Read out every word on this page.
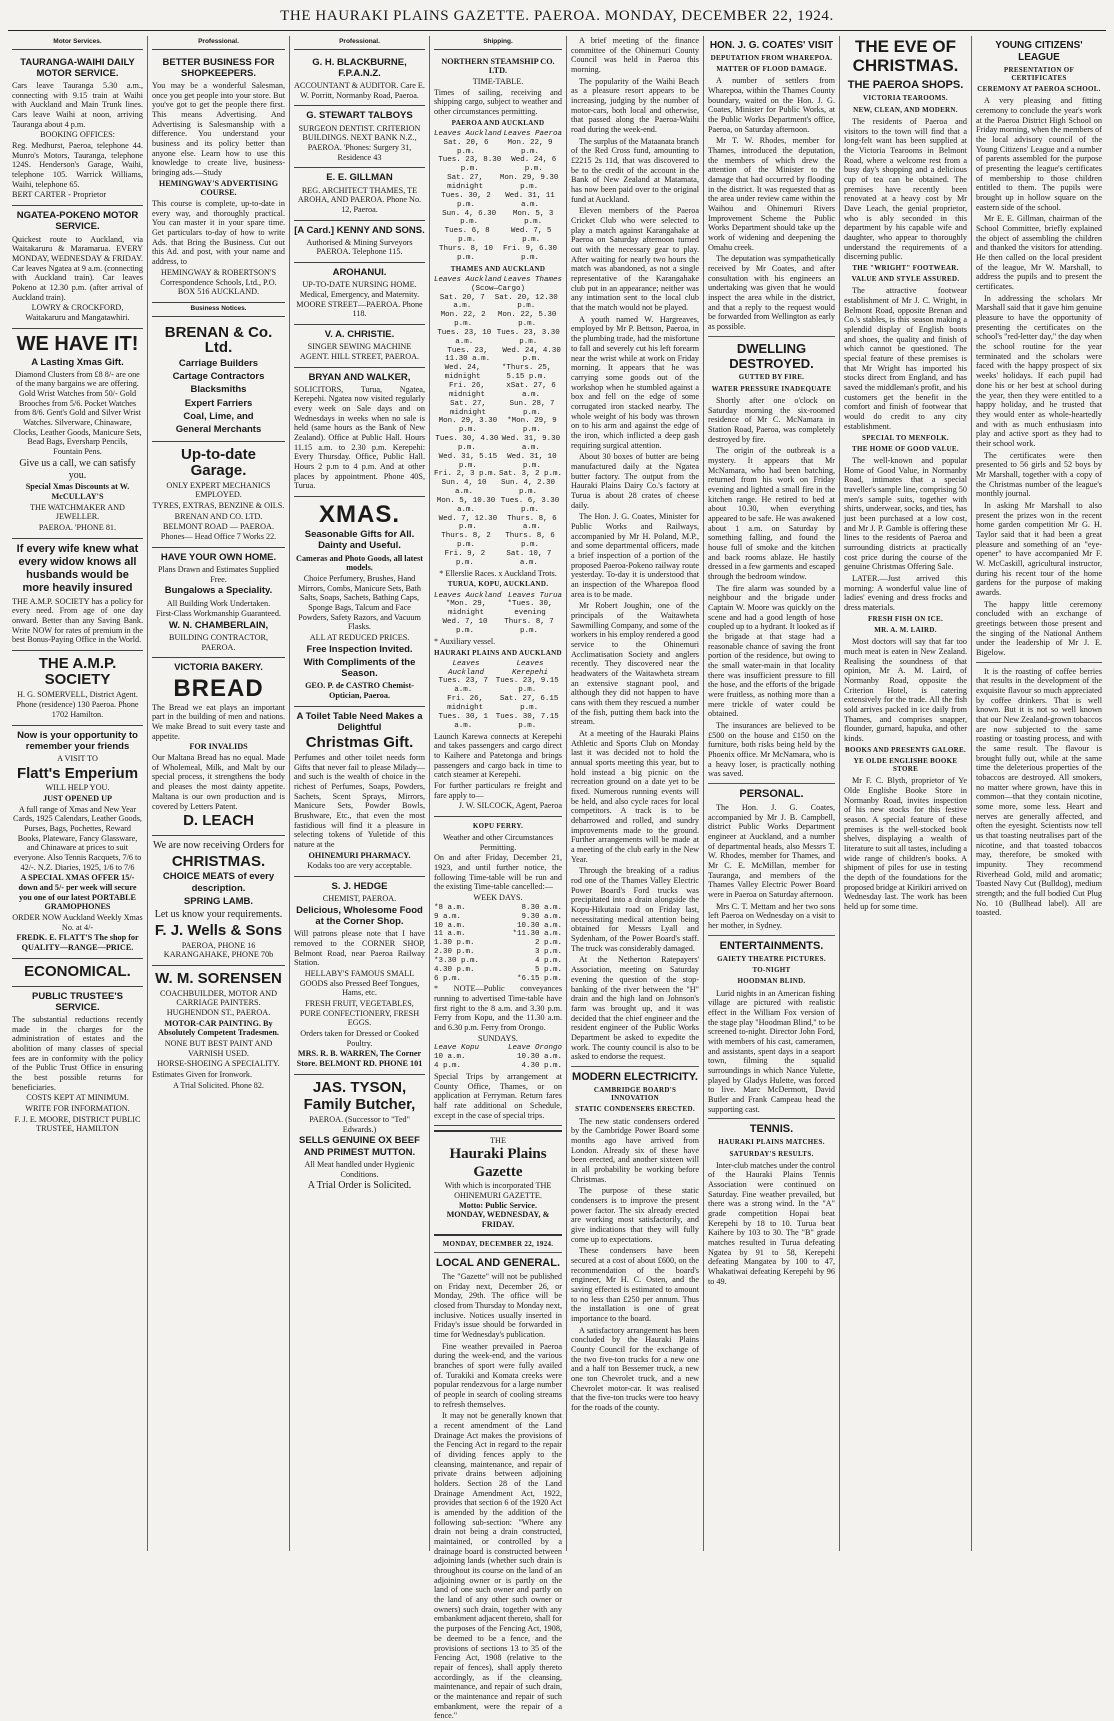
THE HAURAKI PLAINS GAZETTE. PAEROA. MONDAY, DECEMBER 22, 1924.
Motor Services.
TAURANGA-WAIHI DAILY MOTOR SERVICE.

Cars leave Tauranga 5.30 a.m., connecting with 9.15 train at Waihi with Auckland and Main Trunk lines. Cars leave Waihi at noon, arriving Tauranga about 4 p.m.

BOOKING OFFICES:

Reg. Medhurst, Paeroa, telephone 44. Munro's Motors, Tauranga, telephone 124S. Henderson's Garage, Waihi, telephone 105. Warrick Williams, Waihi, telephone 65.

BERT CARTER - Proprietor

NGATEA-POKENO MOTOR SERVICE.

Quickest route to Auckland, via Waitakaruru & Maramarua. EVERY MONDAY, WEDNESDAY & FRIDAY. Car leaves Ngatea at 9 a.m. (connecting with Auckland train). Car leaves Pokeno at 12.30 p.m. (after arrival of Auckland train).

LOWRY & CROCKFORD, Waitakaruru and Mangatawhiri.

WE HAVE IT!
A Lasting Xmas Gift.

Diamond Clusters from £8 8/- are one of the many bargains we are offering. Gold Wrist Watches from 50/- Gold Brooches from 5/6. Pocket Watches from 8/6. Gent's Gold and Silver Wrist Watches. Silverware, Chinaware, Clocks, Leather Goods, Manicure Sets, Bead Bags, Eversharp Pencils, Fountain Pens.

Give us a call, we can satisfy you.

Special Xmas Discounts at W. McCULLAY'S

THE WATCHMAKER AND JEWELLER.

PAEROA. 'PHONE 81.

If every wife knew what every widow knows all husbands would be more heavily insured

THE A.M.P. SOCIETY has a policy for every need. From age of one day onward. Better than any Saving Bank. Write NOW for rates of premium in the best Bonus-Paying Office in the World.

THE A.M.P. SOCIETY

H. G. SOMERVELL, District Agent.

Phone (residence) 130 Paeroa. Phone 1702 Hamilton.

Now is your opportunity to remember your friends

A VISIT TO

Flatt's Emperium

WILL HELP YOU.

JUST OPENED UP

A full range of Xmas and New Year Cards, 1925 Calendars, Leather Goods, Purses, Bags, Pochettes, Reward Books, Plateware, Fancy Glassware, and Chinaware at prices to suit everyone. Also Tennis Racquets, 7/6 to 42/-. N.Z. Diaries, 1925, 1/6 to 7/6

A SPECIAL XMAS OFFER 15/- down and 5/- per week will secure you one of our latest PORTABLE GRAMOPHONES

ORDER NOW Auckland Weekly Xmas No. at 4/-

FREDK. E. FLATT'S The shop for QUALITY—RANGE—PRICE.

ECONOMICAL.
PUBLIC TRUSTEE'S SERVICE.

The substantial reductions recently made in the charges for the administration of estates and the abolition of many classes of special fees are in conformity with the policy of the Public Trust Office in ensuring the best possible returns for beneficiaries.

COSTS KEPT AT MINIMUM.

WRITE FOR INFORMATION.

F. J. E. MOORE, DISTRICT PUBLIC TRUSTEE, HAMILTON

Professional.
BETTER BUSINESS FOR SHOPKEEPERS.

You may be a wonderful Salesman, once you get people into your store. But you've got to get the people there first. This means Advertising. And Advertising is Salesmanship with a difference. You understand your business and its policy better than anyone else. Learn how to use this knowledge to create live, business-bringing ads.—Study

HEMINGWAY'S ADVERTISING COURSE.

This course is complete, up-to-date in every way, and thoroughly practical. You can master it in your spare time. Get particulars to-day of how to write Ads. that Bring the Business. Cut out this Ad. and post, with your name and address, to

HEMINGWAY & ROBERTSON'S Correspondence Schools, Ltd., P.O. BOX 516 AUCKLAND.

Business Notices.
BRENAN & Co. Ltd.
Carriage Builders
Cartage Contractors
Blacksmiths
Expert Farriers
Coal, Lime, and
General Merchants
Up-to-date Garage.

ONLY EXPERT MECHANICS EMPLOYED.

TYRES, EXTRAS, BENZINE & OILS.

BRENAN AND CO. LTD.

BELMONT ROAD — PAEROA. Phones— Head Office 7 Works 22.

HAVE YOUR OWN HOME.

Plans Drawn and Estimates Supplied Free.

Bungalows a Speciality.

All Building Work Undertaken.

First-Class Workmanship Guaranteed.

W. N. CHAMBERLAIN,

BUILDING CONTRACTOR, PAEROA.

VICTORIA BAKERY.
BREAD

The Bread we eat plays an important part in the building of men and nations. We make Bread to suit every taste and appetite.

FOR INVALIDS

Our Maltana Bread has no equal. Made of Wholemeal, Milk, and Malt by our special process, it strengthens the body and pleases the most dainty appetite. Maltana is our own production and is covered by Letters Patent.

D. LEACH

We are now receiving Orders for

CHRISTMAS.
CHOICE MEATS of every description.
SPRING LAMB.

Let us know your requirements.

F. J. Wells & Sons

PAEROA, PHONE 16 KARANGAHAKE, PHONE 70b

W. M. SORENSEN

COACHBUILDER, MOTOR AND CARRIAGE PAINTERS. HUGHENDON ST., PAEROA.

MOTOR-CAR PAINTING. By Absolutely Competent Tradesmen.

NONE BUT BEST PAINT AND VARNISH USED.

HORSE-SHOEING A SPECIALITY.

Estimates Given for Ironwork.

A Trial Solicited. Phone 82.

Professional.
G. H. BLACKBURNE, F.P.A.N.Z.

ACCOUNTANT & AUDITOR. Care E. W. Porritt, Normanby Road, Paeroa.

G. STEWART TALBOYS

SURGEON DENTIST. CRITERION BUILDINGS. NEXT BANK N.Z., PAEROA. 'Phones: Surgery 31, Residence 43

E. E. GILLMAN

REG. ARCHITECT THAMES, TE AROHA, AND PAEROA. Phone No. 12, Paeroa.

[A Card.] KENNY AND SONS.

Authorised & Mining Surveyors PAEROA. Telephone 115.

AROHANUI.

UP-TO-DATE NURSING HOME. Medical, Emergency, and Maternity. MOORE STREET—PAEROA. Phone 118.

V. A. CHRISTIE.

SINGER SEWING MACHINE AGENT. HILL STREET, PAEROA.

BRYAN AND WALKER,

SOLICITORS, Turua, Ngatea, Kerepehi. Ngatea now visited regularly every week on Sale days and on Wednesdays in weeks when no sale is held (same hours as the Bank of New Zealand). Office at Public Hall. Hours 11.15 a.m. to 2.30 p.m. Kerepehi: Every Thursday. Office, Public Hall. Hours 2 p.m to 4 p.m. And at other places by appointment. Phone 40S, Turua.

XMAS.
Seasonable Gifts for All. Dainty and Useful.

Cameras and Photo Goods, all latest models.

Choice Perfumery, Brushes, Hand Mirrors, Combs, Manicure Sets, Bath Salts, Soaps, Sachets, Bathing Caps, Sponge Bags, Talcum and Face Powders, Safety Razors, and Vacuum Flasks.

ALL AT REDUCED PRICES.

Free Inspection Invited.
With Compliments of the Season.

GEO. P. de CASTRO Chemist-Optician, Paeroa.

A Toilet Table Need Makes a Delightful
Christmas Gift.

Perfumes and other toilet needs form Gifts that never fail to please Milady—and such is the wealth of choice in the richest of Perfumes, Soaps, Powders, Sachets, Scent Sprays, Mirrors, Manicure Sets, Powder Bowls, Brushware, Etc., that even the most fastidious will find it a pleasure in selecting tokens of Yuletide of this nature at the

OHINEMURI PHARMACY.

Kodaks too are very acceptable.

S. J. HEDGE

CHEMIST, PAEROA.

Delicious, Wholesome Food at the Corner Shop.

Will patrons please note that I have removed to the CORNER SHOP, Belmont Road, near Paeroa Railway Station.

HELLABY'S FAMOUS SMALL GOODS also Pressed Beef Tongues, Hams, etc.

FRESH FRUIT, VEGETABLES, PURE CONFECTIONERY, FRESH EGGS.

Orders taken for Dressed or Cooked Poultry.

MRS. R. B. WARREN, The Corner Store. BELMONT RD. PHONE 101

JAS. TYSON,
Family Butcher,

PAEROA. (Successor to "Ted" Edwards.)

SELLS GENUINE OX BEEF AND PRIMEST MUTTON.

All Meat handled under Hygienic Conditions.

A Trial Order is Solicited.

Shipping.

NORTHERN STEAMSHIP CO. LTD.

TIME-TABLE.

Times of sailing, receiving and shipping cargo, subject to weather and other circumstances permitting.

PAEROA AND AUCKLAND
Leaves Auckland Leaves Paeroa
Sat. 20, 6 p.m.
Mon. 22, 9 p.m.
Tues. 23, 8.30 p.m.
Wed. 24, 6 p.m.
Sat. 27, midnight
Mon. 29, 9.30 p.m.
Tues. 30, 2 p.m.
Wed. 31, 11 a.m.
Sun. 4, 6.30 p.m.
Mon. 5, 3 p.m.
Tues. 6, 8 p.m.
Wed. 7, 5 p.m.
Thurs. 8, 10 p.m.
Fri. 9, 6.30 p.m.
THAMES AND AUCKLAND
Leaves Auckland Leaves Thames
(Scow—Cargo)
Sat. 20, 7 a.m.
Sat. 20, 12.30 p.m.
Mon. 22, 2 p.m.
Mon. 22, 5.30 p.m.
Tues. 23, 10 a.m.
Tues. 23, 3.30 p.m.
Tues. 23, 11.30 a.m.
Wed. 24, 4.30 p.m.
Wed. 24, midnight
*Thurs. 25, 5.15 p.m.
Fri. 26, midnight
xSat. 27, 6 a.m.
Sat. 27, midnight
Sun. 28, 7 p.m.
Mon. 29, 3.30 p.m.
*Mon. 29, 9 p.m.
Tues. 30, 4.30 p.m.
Wed. 31, 9.30 a.m.
Wed. 31, 5.15 p.m.
Wed. 31, 10 p.m.
Fri. 2, 3 p.m. Sat. 3, 2 p.m.
Sun. 4, 10 a.m.
Sun. 4, 2.30 p.m.
Mon. 5, 10.30 a.m.
Tues. 6, 3.30 p.m.
Wed. 7, 12.30 p.m.
Thurs. 8, 6 a.m.
Thurs. 8, 2 p.m.
Thurs. 8, 6 p.m.
Fri. 9, 2 p.m.
Sat. 10, 7 a.m.

* Ellerslie Races. x Auckland Trots.

TURUA, KOPU, AUCKLAND.
Leaves Auckland Leaves Turua
*Mon. 29, midnight
*Tues. 30, evening
Wed. 7, 10 p.m.
Thurs. 8, 7 p.m.

* Auxiliary vessel.

HAURAKI PLAINS AND AUCKLAND
Leaves Auckland
Leaves Kerepehi
Tues. 23, 7 a.m.
Tues. 23, 9.15 p.m.
Fri. 26, midnight
Sat. 27, 6.15 p.m.
Tues. 30, 1 a.m.
Tues. 30, 7.15 p.m.

Launch Karewa connects at Kerepehi and takes passengers and cargo direct to Kaihere and Patetonga and brings passengers and cargo back in time to catch steamer at Kerepehi.

For further particulars re freight and fare apply to—

J. W. SILCOCK, Agent, Paeroa

KOPU FERRY.

Weather and other Circumstances Permitting.

On and after Friday, December 21, 1923, and until further notice, the following Time-table will be run and the existing Time-table cancelled:—

WEEK DAYS.

*8 a.m.	8.30 a.m.
9 a.m.	9.30 a.m.
10 a.m.	10.30 a.m.
11 a.m.	*11.30 a.m.
1.30 p.m.	2 p.m.
2.30 p.m.	3 p.m.
*3.30 p.m.	4 p.m.
4.30 p.m.	5 p.m.
6 p.m.	*6.15 p.m.

* NOTE—Public conveyances running to advertised Time-table have first right to the 8 a.m. and 3.30 p.m. Ferry from Kopu, and the 11.30 a.m. and 6.30 p.m. Ferry from Orongo.

SUNDAYS.

Leave Kopu	Leave Orongo
10 a.m.	10.30 a.m.
4 p.m.	4.30 p.m.

Special Trips by arrangement at County Office, Thames, or on application at Ferryman. Return fares half rate additional on Schedule, except in the case of special trips.

THE
Hauraki Plains Gazette
With which is incorporated THE OHINEMURI GAZETTE.
Motto: Public Service.
MONDAY, WEDNESDAY, & FRIDAY.
MONDAY, DECEMBER 22, 1924.
LOCAL AND GENERAL.

The "Gazette" will not be published on Friday next, December 26, or Monday, 29th. The office will be closed from Thursday to Monday next, inclusive. Notices usually inserted in Friday's issue should be forwarded in time for Wednesday's publication.

Fine weather prevailed in Paeroa during the week-end, and the various branches of sport were fully availed of. Turakiki and Komata creeks were popular rendezvous for a large number of people in search of cooling streams to refresh themselves.

It may not be generally known that a recent amendment of the Land Drainage Act makes the provisions of the Fencing Act in regard to the repair of dividing fences apply to the cleansing, maintenance, and repair of private drains between adjoining holders. Section 28 of the Land Drainage Amendment Act, 1922, provides that section 6 of the 1920 Act is amended by the addition of the following sub-section: "Where any drain not being a drain constructed, maintained, or controlled by a drainage board is constructed between adjoining lands (whether such drain is throughout its course on the land of an adjoining owner or is partly on the land of one such owner and partly on the land of any other such owner or owners) such drain, together with any embankment adjacent thereto, shall for the purposes of the Fencing Act, 1908, be deemed to be a fence, and the provisions of sections 13 to 35 of the Fencing Act, 1908 (relative to the repair of fences), shall apply thereto accordingly, as if the cleansing, maintenance, and repair of such drain, or the maintenance and repair of such embankment, were the repair of a fence."

A brief meeting of the finance committee of the Ohinemuri County Council was held in Paeroa this morning.

The popularity of the Waihi Beach as a pleasure resort appears to be increasing, judging by the number of motor-cars, both local and otherwise, that passed along the Paeroa-Waihi road during the week-end.

The surplus of the Mataanata branch of the Red Cross fund, amounting to £2215 2s 11d, that was discovered to be to the credit of the account in the Bank of New Zealand at Matamata, has now been paid over to the original fund at Auckland.

Eleven members of the Paeroa Cricket Club who were selected to play a match against Karangahake at Paeroa on Saturday afternoon turned out with the necessary gear to play. After waiting for nearly two hours the match was abandoned, as not a single representative of the Karangahake club put in an appearance; neither was any intimation sent to the local club that the match would not be played.

A youth named W. Hargreaves, employed by Mr P. Bettson, Paeroa, in the plumbing trade, had the misfortune to fall and severely cut his left forearm near the wrist while at work on Friday morning. It appears that he was carrying some goods out of the workshop when he stumbled against a box and fell on the edge of some corrugated iron stacked nearby. The whole weight of his body was thrown on to his arm and against the edge of the iron, which inflicted a deep gash requiring surgical attention.

About 30 boxes of butter are being manufactured daily at the Ngatea butter factory. The output from the Hauraki Plains Dairy Co.'s factory at Turua is about 28 crates of cheese daily.

The Hon. J. G. Coates, Minister for Public Works and Railways, accompanied by Mr H. Poland, M.P., and some departmental officers, made a brief inspection of a portion of the proposed Paeroa-Pokeno railway route yesterday. To-day it is understood that an inspection of the Wharepoa flood area is to be made.

Mr Robert Joughin, one of the principals of the Waitawheta Sawmilling Company, and some of the workers in his employ rendered a good service to the Ohinemuri Acclimatisation Society and anglers recently. They discovered near the headwaters of the Waitawheta stream an extensive stagnant pool, and although they did not happen to have cans with them they rescued a number of the fish, putting them back into the stream.

At a meeting of the Hauraki Plains Athletic and Sports Club on Monday last it was decided not to hold the annual sports meeting this year, but to hold instead a big picnic on the recreation ground on a date yet to be fixed. Numerous running events will be held, and also cycle races for local competitors. A track is to be deharrowed and rolled, and sundry improvements made to the ground. Further arrangements will be made at a meeting of the club early in the New Year.

Through the breaking of a radius rod one of the Thames Valley Electric Power Board's Ford trucks was precipitated into a drain alongside the Kopu-Hikutaia road on Friday last, necessitating medical attention being obtained for Messrs Lyall and Sydenham, of the Power Board's staff. The truck was considerably damaged.

At the Netherton Ratepayers' Association, meeting on Saturday evening the question of the stop-banking of the river between the "H" drain and the high land on Johnson's farm was brought up, and it was decided that the chief engineer and the resident engineer of the Public Works Department be asked to expedite the work. The county council is also to be asked to endorse the request.

MODERN ELECTRICITY.
CAMBRIDGE BOARD'S INNOVATION
STATIC CONDENSERS ERECTED.

The new static condensers ordered by the Cambridge Power Board some months ago have arrived from London. Already six of these have been erected, and another sixteen will in all probability be working before Christmas.

The purpose of these static condensers is to improve the present power factor. The six already erected are working most satisfactorily, and give indications that they will fully come up to expectations.

These condensers have been secured at a cost of about £600, on the recommendation of the board's engineer, Mr H. C. Osten, and the saving effected is estimated to amount to no less than £250 per annum. Thus the installation is one of great importance to the board.

A satisfactory arrangement has been concluded by the Hauraki Plains County Council for the exchange of the two five-ton trucks for a new one and a half ton Bessemer truck, a new one ton Chevrolet truck, and a new Chevrolet motor-car. It was realised that the five-ton trucks were too heavy for the roads of the county.

HON. J. G. COATES' VISIT
DEPUTATION FROM WHAREPOA.
MATTER OF FLOOD DAMAGE.

A number of settlers from Wharepoa, within the Thames County boundary, waited on the Hon. J. G. Coates, Minister for Public Works, at the Public Works Department's office, Paeroa, on Saturday afternoon.

Mr T. W. Rhodes, member for Thames, introduced the deputation, the members of which drew the attention of the Minister to the damage that had occurred by flooding in the district. It was requested that as the area under review came within the Waihou and Ohinemuri Rivers Improvement Scheme the Public Works Department should take up the work of widening and deepening the Omahu creek.

The deputation was sympathetically received by Mr Coates, and after consultation with his engineers an undertaking was given that he would inspect the area while in the district, and that a reply to the request would be forwarded from Wellington as early as possible.

DWELLING DESTROYED.
GUTTED BY FIRE.
WATER PRESSURE INADEQUATE

Shortly after one o'clock on Saturday morning the six-roomed residence of Mr C. McNamara in Station Road, Paeroa, was completely destroyed by fire.

The origin of the outbreak is a mystery. It appears that Mr McNamara, who had been batching, returned from his work on Friday evening and lighted a small fire in the kitchen range. He retired to bed at about 10.30, when everything appeared to be safe. He was awakened about 1 a.m. on Saturday by something falling, and found the house full of smoke and the kitchen and back rooms ablaze. He hastily dressed in a few garments and escaped through the bedroom window.

The fire alarm was sounded by a neighbour and the brigade under Captain W. Moore was quickly on the scene and had a good length of hose coupled up to a hydrant. It looked as if the brigade at that stage had a reasonable chance of saving the front portion of the residence, but owing to the small water-main in that locality there was insufficient pressure to fill the hose, and the efforts of the brigade were fruitless, as nothing more than a mere trickle of water could be obtained.

The insurances are believed to be £500 on the house and £150 on the furniture, both risks being held by the Phoenix office. Mr McNamara, who is a heavy loser, is practically nothing was saved.

PERSONAL.

The Hon. J. G. Coates, accompanied by Mr J. B. Campbell, district Public Works Department engineer at Auckland, and a number of departmental heads, also Messrs T. W. Rhodes, member for Thames, and Mr C. E. McMillan, member for Tauranga, and members of the Thames Valley Electric Power Board were in Paeroa on Saturday afternoon.

Mrs C. T. Mettam and her two sons left Paeroa on Wednesday on a visit to her mother, in Sydney.

ENTERTAINMENTS.
GAIETY THEATRE PICTURES.
TO-NIGHT
HOODMAN BLIND.

Lurid nights in an American fishing village are pictured with realistic effect in the William Fox version of the stage play "Hoodman Blind," to be screened to-night. Director John Ford, with members of his cast, cameramen, and assistants, spent days in a seaport town, filming the squalid surroundings in which Nance Yulette, played by Gladys Hulette, was forced to live. Marc McDermott, David Butler and Frank Campeau head the supporting cast.

TENNIS.
HAURAKI PLAINS MATCHES.
SATURDAY'S RESULTS.

Inter-club matches under the control of the Hauraki Plains Tennis Association were continued on Saturday. Fine weather prevailed, but there was a strong wind. In the "A" grade competition Hopai beat Kerepehi by 18 to 10. Turua beat Kaihere by 103 to 30. The "B" grade matches resulted in Turua defeating Ngatea by 91 to 58, Kerepehi defeating Mangatea by 100 to 47, Whakatiwai defeating Kerepehi by 96 to 49.

THE EVE OF CHRISTMAS.
THE PAEROA SHOPS.
VICTORIA TEAROOMS.
NEW, CLEAN, AND MODERN.

The residents of Paeroa and visitors to the town will find that a long-felt want has been supplied at the Victoria Tearooms in Belmont Road, where a welcome rest from a busy day's shopping and a delicious cup of tea can be obtained. The premises have recently been renovated at a heavy cost by Mr Dave Leach, the genial proprietor, who is ably seconded in this department by his capable wife and daughter, who appear to thoroughly understand the requirements of a discerning public.

THE "WRIGHT" FOOTWEAR.
VALUE AND STYLE ASSURED.

The attractive footwear establishment of Mr J. C. Wright, in Belmont Road, opposite Brenan and Co.'s stables, is this season making a splendid display of English boots and shoes, the quality and finish of which cannot be questioned. The special feature of these premises is that Mr Wright has imported his stocks direct from England, and has saved the middleman's profit, and his customers get the benefit in the comfort and finish of footwear that would do credit to any city establishment.

SPECIAL TO MENFOLK.
THE HOME OF GOOD VALUE.

The well-known and popular Home of Good Value, in Normanby Road, intimates that a special traveller's sample line, comprising 50 men's sample suits, together with shirts, underwear, socks, and ties, has just been purchased at a low cost, and Mr J. P. Gamble is offering these lines to the residents of Paeroa and surrounding districts at practically cost price during the course of the genuine Christmas Offering Sale.

LATER.—Just arrived this morning: A wonderful value line of ladies' evening and dress frocks and dress materials.

FRESH FISH ON ICE.
MR. A. M. LAIRD.

Most doctors will say that far too much meat is eaten in New Zealand. Realising the soundness of that opinion, Mr A. M. Laird, of Normanby Road, opposite the Criterion Hotel, is catering extensively for the trade. All the fish sold arrives packed in ice daily from Thames, and comprises snapper, flounder, gurnard, hapuka, and other kinds.

BOOKS AND PRESENTS GALORE.
YE OLDE ENGLISHE BOOKE STORE

Mr F. C. Blyth, proprietor of Ye Olde Englishe Booke Store in Normanby Road, invites inspection of his new stocks for this festive season. A special feature of these premises is the well-stocked book shelves, displaying a wealth of literature to suit all tastes, including a wide range of children's books. A shipment of piles for use in testing the depth of the foundations for the proposed bridge at Kirikiri arrived on Wednesday last. The work has been held up for some time.

YOUNG CITIZENS' LEAGUE
PRESENTATION OF CERTIFICATES
CEREMONY AT PAEROA SCHOOL.

A very pleasing and fitting ceremony to conclude the year's work at the Paeroa District High School on Friday morning, when the members of the local advisory council of the Young Citizens' League and a number of parents assembled for the purpose of presenting the league's certificates of membership to those children entitled to them. The pupils were brought up in hollow square on the eastern side of the school.

Mr E. E. Gillman, chairman of the School Committee, briefly explained the object of assembling the children and thanked the visitors for attending. He then called on the local president of the league, Mr W. Marshall, to address the pupils and to present the certificates.

In addressing the scholars Mr Marshall said that it gave him genuine pleasure to have the opportunity of presenting the certificates on the school's "red-letter day," the day when the school routine for the year terminated and the scholars were faced with the happy prospect of six weeks' holidays. If each pupil had done his or her best at school during the year, then they were entitled to a happy holiday, and he trusted that they would enter as whole-heartedly and with as much enthusiasm into play and active sport as they had to their school work.

The certificates were then presented to 56 girls and 52 boys by Mr Marshall, together with a copy of the Christmas number of the league's monthly journal.

In asking Mr Marshall to also present the prizes won in the recent home garden competition Mr G. H. Taylor said that it had been a great pleasure and something of an "eye-opener" to have accompanied Mr F. W. McCaskill, agricultural instructor, during his recent tour of the home gardens for the purpose of making awards.

The happy little ceremony concluded with an exchange of greetings between those present and the singing of the National Anthem under the leadership of Mr J. E. Bigelow.

It is the roasting of coffee berries that results in the development of the exquisite flavour so much appreciated by coffee drinkers. That is well known. But it is not so well known that our New Zealand-grown tobaccos are now subjected to the same roasting or toasting process, and with the same result. The flavour is brought fully out, while at the same time the deleterious properties of the tobaccos are destroyed. All smokers, no matter where grown, have this in common—that they contain nicotine, some more, some less. Heart and nerves are generally affected, and often the eyesight. Scientists now tell us that toasting neutralises part of the nicotine, and that toasted tobaccos may, therefore, be smoked with impunity. They recommend Riverhead Gold, mild and aromatic; Toasted Navy Cut (Bulldog), medium strength; and the full bodied Cut Plug No. 10 (Bullhead label). All are toasted.
